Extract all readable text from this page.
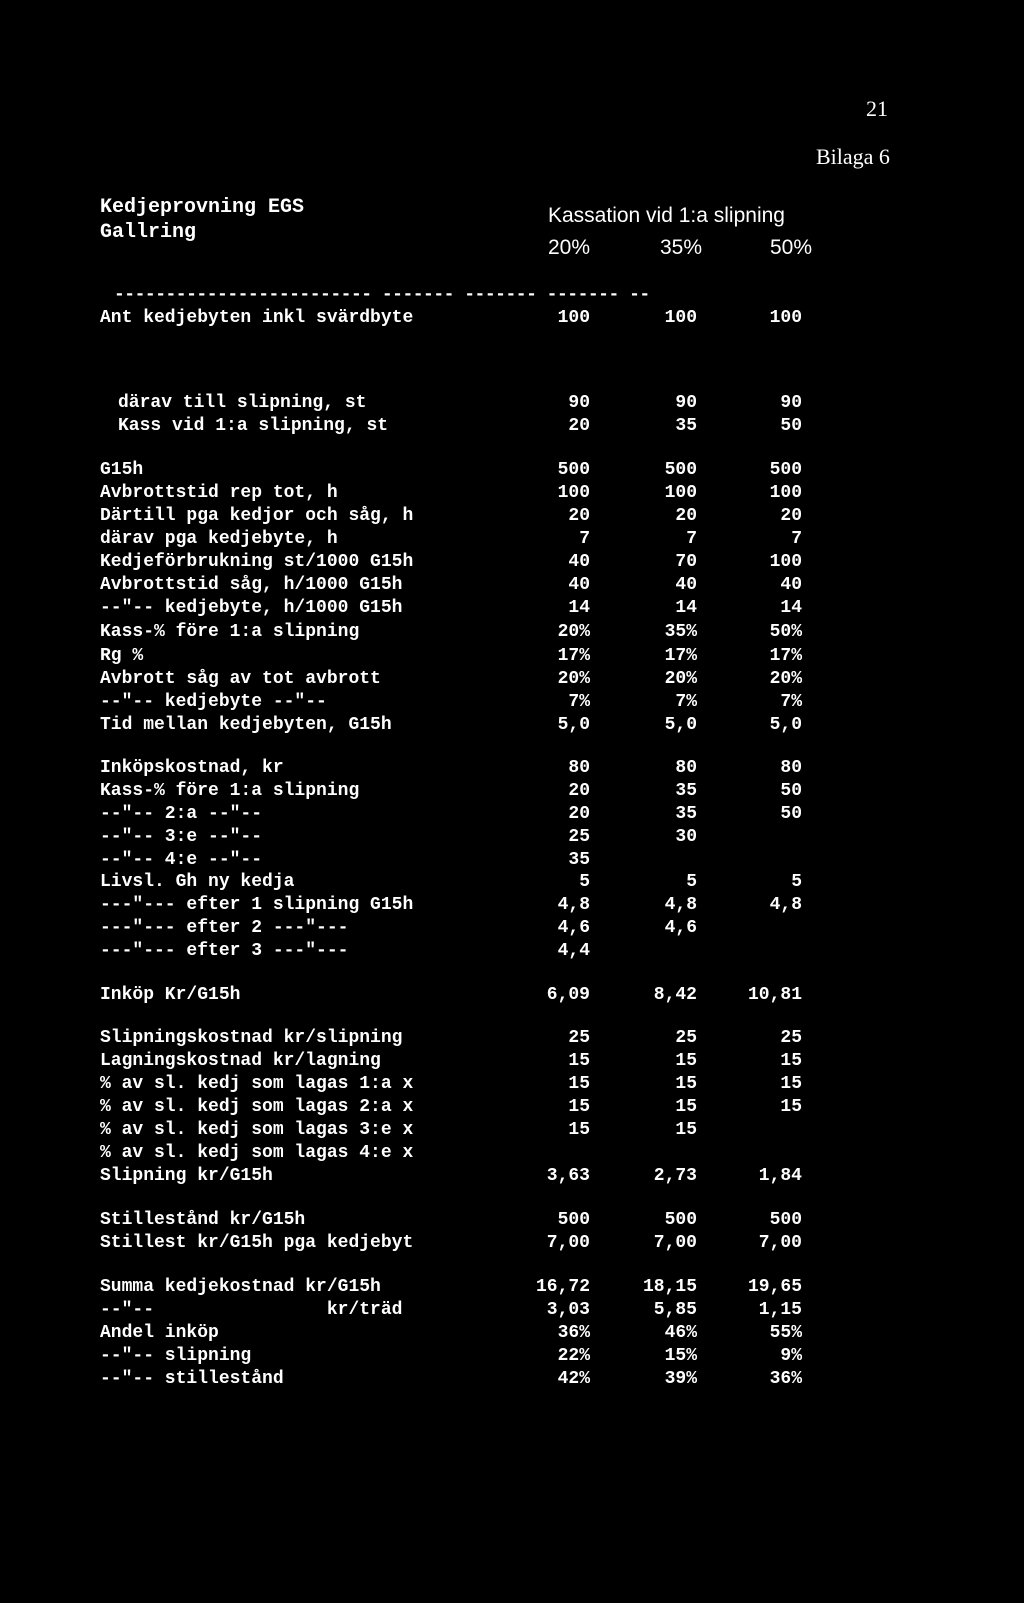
21
Bilaga 6
Kedjeprovning EGS
Gallring
Kassation vid 1:a slipning
20%	35%	50%
------------------------- ------- ------- ------- --
Ant kedjebyten inkl svärdbyte	100	100	100
därav till slipning, st	90	90	90
Kass vid 1:a slipning, st	20	35	50
G15h	500	500	500
Avbrottstid rep tot, h	100	100	100
Därtill pga kedjor och såg, h	20	20	20
därav pga kedjebyte, h	7	7	7
Kedjeförbrukning st/1000 G15h	40	70	100
Avbrottstid såg, h/1000 G15h	40	40	40
--"-- kedjebyte, h/1000 G15h	14	14	14
Kass-% före 1:a slipning	20%	35%	50%
Rg %	17%	17%	17%
Avbrott såg av tot avbrott	20%	20%	20%
--"-- kedjebyte --"--	7%	7%	7%
Tid mellan kedjebyten, G15h	5,0	5,0	5,0
Inköpskostnad, kr	80	80	80
Kass-% före 1:a slipning	20	35	50
--"-- 2:a --"--	20	35	50
--"-- 3:e --"--	25	30
--"-- 4:e --"--	35
Livsl. Gh ny kedja	5	5	5
---"--- efter 1 slipning G15h	4,8	4,8	4,8
---"--- efter 2 ---"---	4,6	4,6
---"--- efter 3 ---"---	4,4
Inköp Kr/G15h	6,09	8,42	10,81
Slipningskostnad kr/slipning	25	25	25
Lagningskostnad kr/lagning	15	15	15
% av sl. kedj som lagas 1:a x	15	15	15
% av sl. kedj som lagas 2:a x	15	15	15
% av sl. kedj som lagas 3:e x	15	15
% av sl. kedj som lagas 4:e x
Slipning kr/G15h	3,63	2,73	1,84
Stillestånd kr/G15h	500	500	500
Stillest kr/G15h pga kedjebyt	7,00	7,00	7,00
Summa kedjekostnad kr/G15h	16,72	18,15	19,65
--"--                kr/träd	3,03	5,85	1,15
Andel inköp	36%	46%	55%
--"-- slipning	22%	15%	9%
--"-- stillestånd	42%	39%	36%
